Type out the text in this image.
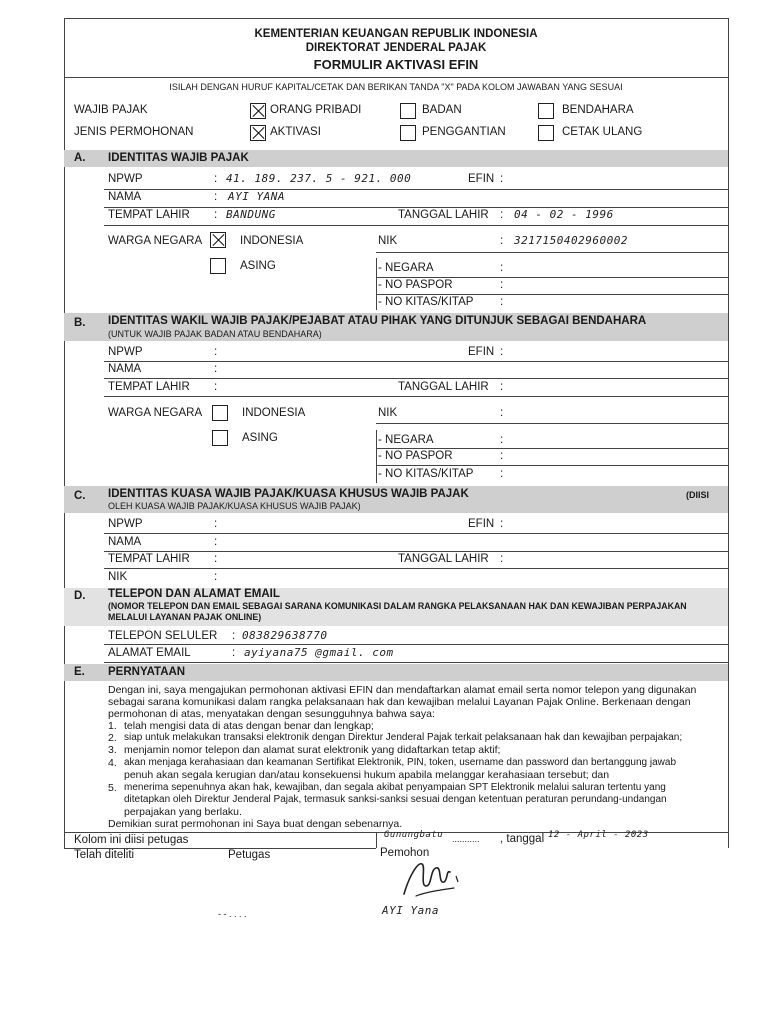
KEMENTERIAN KEUANGAN REPUBLIK INDONESIA
DIREKTORAT JENDERAL PAJAK
FORMULIR AKTIVASI EFIN
ISILAH DENGAN HURUF KAPITAL/CETAK DAN BERIKAN TANDA "X" PADA KOLOM JAWABAN YANG SESUAI
WAJIB PAJAK	ORANG PRIBADI	BADAN	BENDAHARA
JENIS PERMOHONAN	AKTIVASI	PENGGANTIAN	CETAK ULANG
A. IDENTITAS WAJIB PAJAK
NPWP	: 41. 189. 237. 5 - 921. 000	EFIN :
NAMA	: AYI YANA
TEMPAT LAHIR : BANDUNG	TANGGAL LAHIR : 04 - 02 - 1996
WARGA NEGARA	INDONESIA	NIK	: 3217150402960002
ASING	- NEGARA	:
- NO PASPOR	:
- NO KITAS/KITAP :
B. IDENTITAS WAKIL WAJIB PAJAK/PEJABAT ATAU PIHAK YANG DITUNJUK SEBAGAI BENDAHARA
(UNTUK WAJIB PAJAK BADAN ATAU BENDAHARA)
NPWP	:	EFIN :
NAMA	:
TEMPAT LAHIR :	TANGGAL LAHIR :
WARGA NEGARA	INDONESIA	NIK	:
ASING	- NEGARA	:
- NO PASPOR	:
- NO KITAS/KITAP :
C. IDENTITAS KUASA WAJIB PAJAK/KUASA KHUSUS WAJIB PAJAK	(DIISI
OLEH KUASA WAJIB PAJAK/KUASA KHUSUS WAJIB PAJAK)
NPWP	:	EFIN :
NAMA	:
TEMPAT LAHIR :	TANGGAL LAHIR :
NIK	:
D. TELEPON DAN ALAMAT EMAIL
(NOMOR TELEPON DAN EMAIL SEBAGAI SARANA KOMUNIKASI DALAM RANGKA PELAKSANAAN HAK DAN KEWAJIBAN PERPAJAKAN
MELALUI LAYANAN PAJAK ONLINE)
TELEPON SELULER : 083829638770
ALAMAT EMAIL	: ayiyana75 @gmail. com
E. PERNYATAAN
Dengan ini, saya mengajukan permohonan aktivasi EFIN dan mendaftarkan alamat email serta nomor telepon yang digunakan
sebagai sarana komunikasi dalam rangka pelaksanaan hak dan kewajiban melalui Layanan Pajak Online. Berkenaan dengan
permohonan di atas, menyatakan dengan sesungguhnya bahwa saya:
1. telah mengisi data di atas dengan benar dan lengkap;
2. siap untuk melakukan transaksi elektronik dengan Direktur Jenderal Pajak terkait pelaksanaan hak dan kewajiban perpajakan;
3. menjamin nomor telepon dan alamat surat elektronik yang didaftarkan tetap aktif;
4. akan menjaga kerahasiaan dan keamanan Sertifikat Elektronik, PIN, token, username dan password dan bertanggung jawab
penuh akan segala kerugian dan/atau konsekuensi hukum apabila melanggar kerahasiaan tersebut; dan
5. menerima sepenuhnya akan hak, kewajiban, dan segala akibat penyampaian SPT Elektronik melalui saluran tertentu yang
ditetapkan oleh Direktur Jenderal Pajak, termasuk sanksi-sanksi sesuai dengan ketentuan peraturan perundang-undangan
perpajakan yang berlaku.
Demikian surat permohonan ini Saya buat dengan sebenarnya.
Kolom ini diisi petugas
Telah diteliti	Petugas
Gunungbatu ........... , tanggal 12 - April - 2023
Pemohon
AYI Yana
- - . . . .
